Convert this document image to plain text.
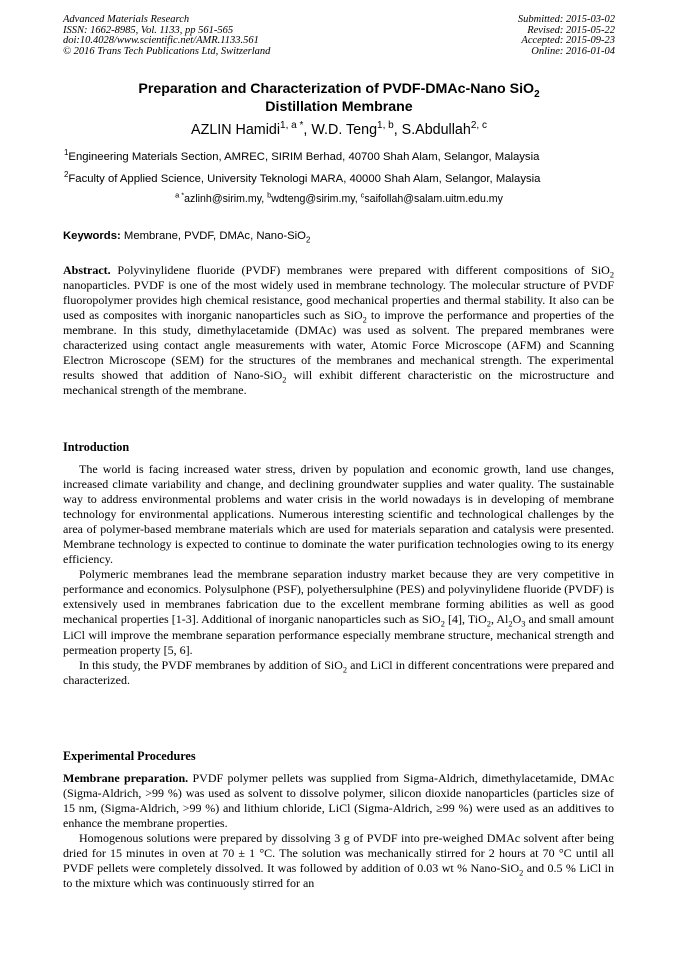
Advanced Materials Research
ISSN: 1662-8985, Vol. 1133, pp 561-565
doi:10.4028/www.scientific.net/AMR.1133.561
© 2016 Trans Tech Publications Ltd, Switzerland
Submitted: 2015-03-02
Revised: 2015-05-22
Accepted: 2015-09-23
Online: 2016-01-04
Preparation and Characterization of PVDF-DMAc-Nano SiO$_2$
Distillation Membrane
AZLIN Hamidi$^{1, a *}$, W.D. Teng$^{1, b}$, S.Abdullah$^{2, c}$
$^1$Engineering Materials Section, AMREC, SIRIM Berhad, 40700 Shah Alam, Selangor, Malaysia
$^2$Faculty of Applied Science, University Teknologi MARA, 40000 Shah Alam, Selangor, Malaysia
$^{a *}$azlinh@sirim.my, $^b$wdteng@sirim.my, $^c$saifollah@salam.uitm.edu.my
Keywords: Membrane, PVDF, DMAc, Nano-SiO$_2$

Abstract. Polyvinylidene fluoride (PVDF) membranes were prepared with different compositions of SiO$_2$ nanoparticles. PVDF is one of the most widely used in membrane technology. The molecular structure of PVDF fluoropolymer provides high chemical resistance, good mechanical properties and thermal stability. It also can be used as composites with inorganic nanoparticles such as SiO$_2$ to improve the performance and properties of the membrane. In this study, dimethylacetamide (DMAc) was used as solvent. The prepared membranes were characterized using contact angle measurements with water, Atomic Force Microscope (AFM) and Scanning Electron Microscope (SEM) for the structures of the membranes and mechanical strength. The experimental results showed that addition of Nano-SiO$_2$ will exhibit different characteristic on the microstructure and mechanical strength of the membrane.

Introduction

The world is facing increased water stress, driven by population and economic growth, land use changes, increased climate variability and change, and declining groundwater supplies and water quality. The sustainable way to address environmental problems and water crisis in the world nowadays is in developing of membrane technology for environmental applications. Numerous interesting scientific and technological challenges by the area of polymer-based membrane materials which are used for materials separation and catalysis were presented. Membrane technology is expected to continue to dominate the water purification technologies owing to its energy efficiency.

Polymeric membranes lead the membrane separation industry market because they are very competitive in performance and economics. Polysulphone (PSF), polyethersulphine (PES) and polyvinylidene fluoride (PVDF) is extensively used in membranes fabrication due to the excellent membrane forming abilities as well as good mechanical properties [1-3]. Additional of inorganic nanoparticles such as SiO$_2$ [4], TiO$_2$, $Al_2O_3$ and small amount LiCl will improve the membrane separation performance especially membrane structure, mechanical strength and permeation property [5, 6].

In this study, the PVDF membranes by addition of SiO$_2$ and LiCl in different concentrations were prepared and characterized.

Experimental Procedures

Membrane preparation. PVDF polymer pellets was supplied from Sigma-Aldrich, dimethylacetamide, DMAc (Sigma-Aldrich, >99 %) was used as solvent to dissolve polymer, silicon dioxide nanoparticles (particles size of 15 nm, (Sigma-Aldrich, >99 %) and lithium chloride, LiCl (Sigma-Aldrich, ≥99 %) were used as an additives to enhance the membrane properties.

Homogenous solutions were prepared by dissolving 3 g of PVDF into pre-weighed DMAc solvent after being dried for 15 minutes in oven at 70 ± 1 °C. The solution was mechanically stirred for 2 hours at 70 °C until all PVDF pellets were completely dissolved. It was followed by addition of 0.03 wt % Nano-SiO$_2$ and 0.5 % LiCl in to the mixture which was continuously stirred for an
